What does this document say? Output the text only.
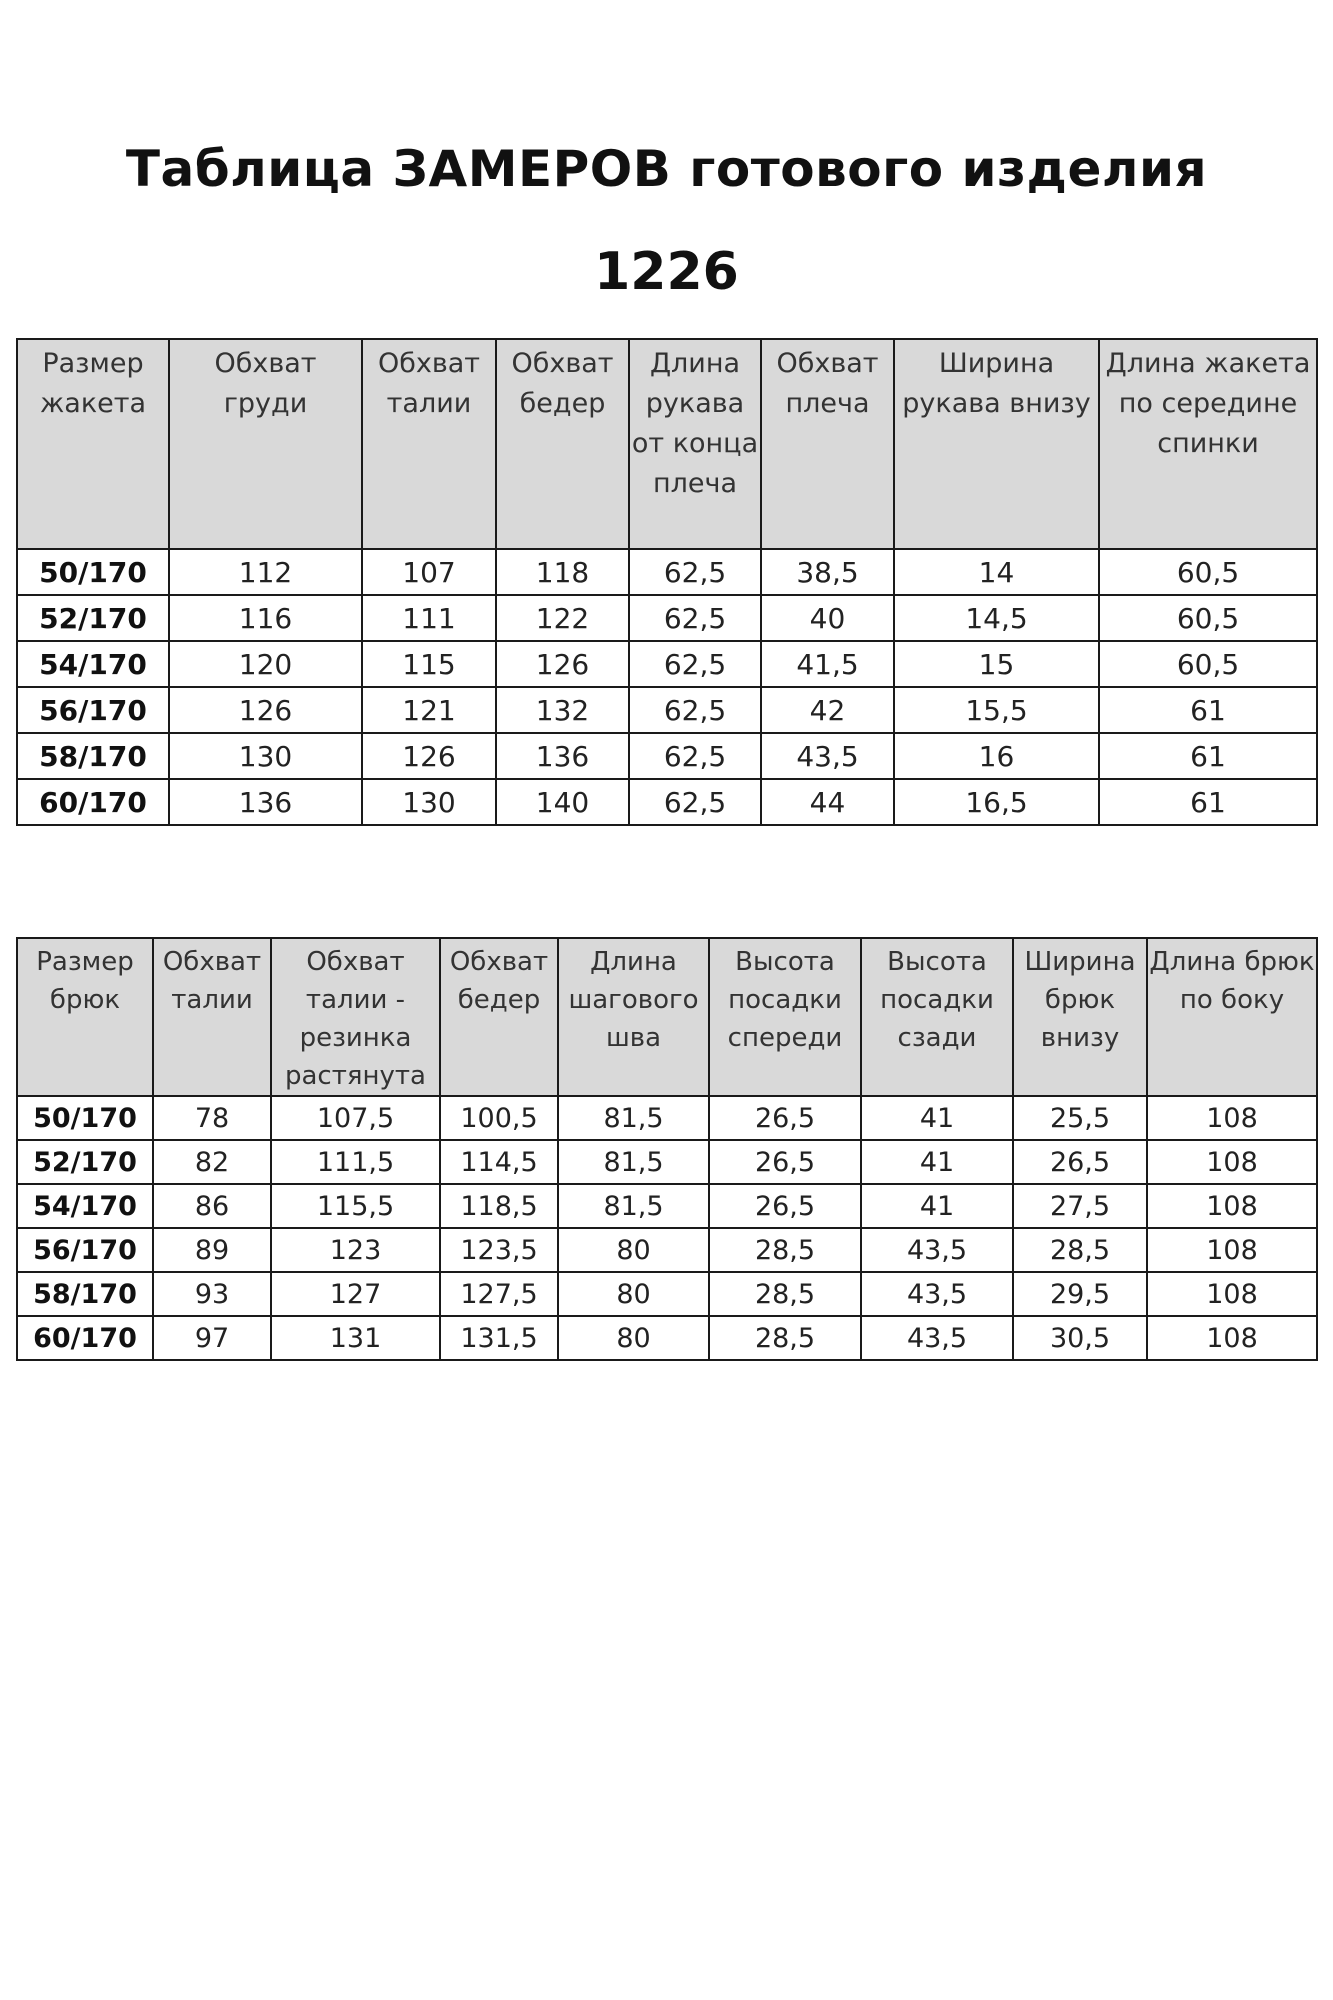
Таблица ЗАМЕРОВ готового изделия
1226
Размер жакета	Обхват груди	Обхват талии	Обхват бедер	Длина рукава от конца плеча	Обхват плеча	Ширина рукава внизу	Длина жакета по середине спинки
50/170	112	107	118	62,5	38,5	14	60,5
52/170	116	111	122	62,5	40	14,5	60,5
54/170	120	115	126	62,5	41,5	15	60,5
56/170	126	121	132	62,5	42	15,5	61
58/170	130	126	136	62,5	43,5	16	61
60/170	136	130	140	62,5	44	16,5	61
Размер брюк	Обхват талии	Обхват талии - резинка растянута	Обхват бедер	Длина шагового шва	Высота посадки спереди	Высота посадки сзади	Ширина брюк внизу	Длина брюк по боку
50/170	78	107,5	100,5	81,5	26,5	41	25,5	108
52/170	82	111,5	114,5	81,5	26,5	41	26,5	108
54/170	86	115,5	118,5	81,5	26,5	41	27,5	108
56/170	89	123	123,5	80	28,5	43,5	28,5	108
58/170	93	127	127,5	80	28,5	43,5	29,5	108
60/170	97	131	131,5	80	28,5	43,5	30,5	108
